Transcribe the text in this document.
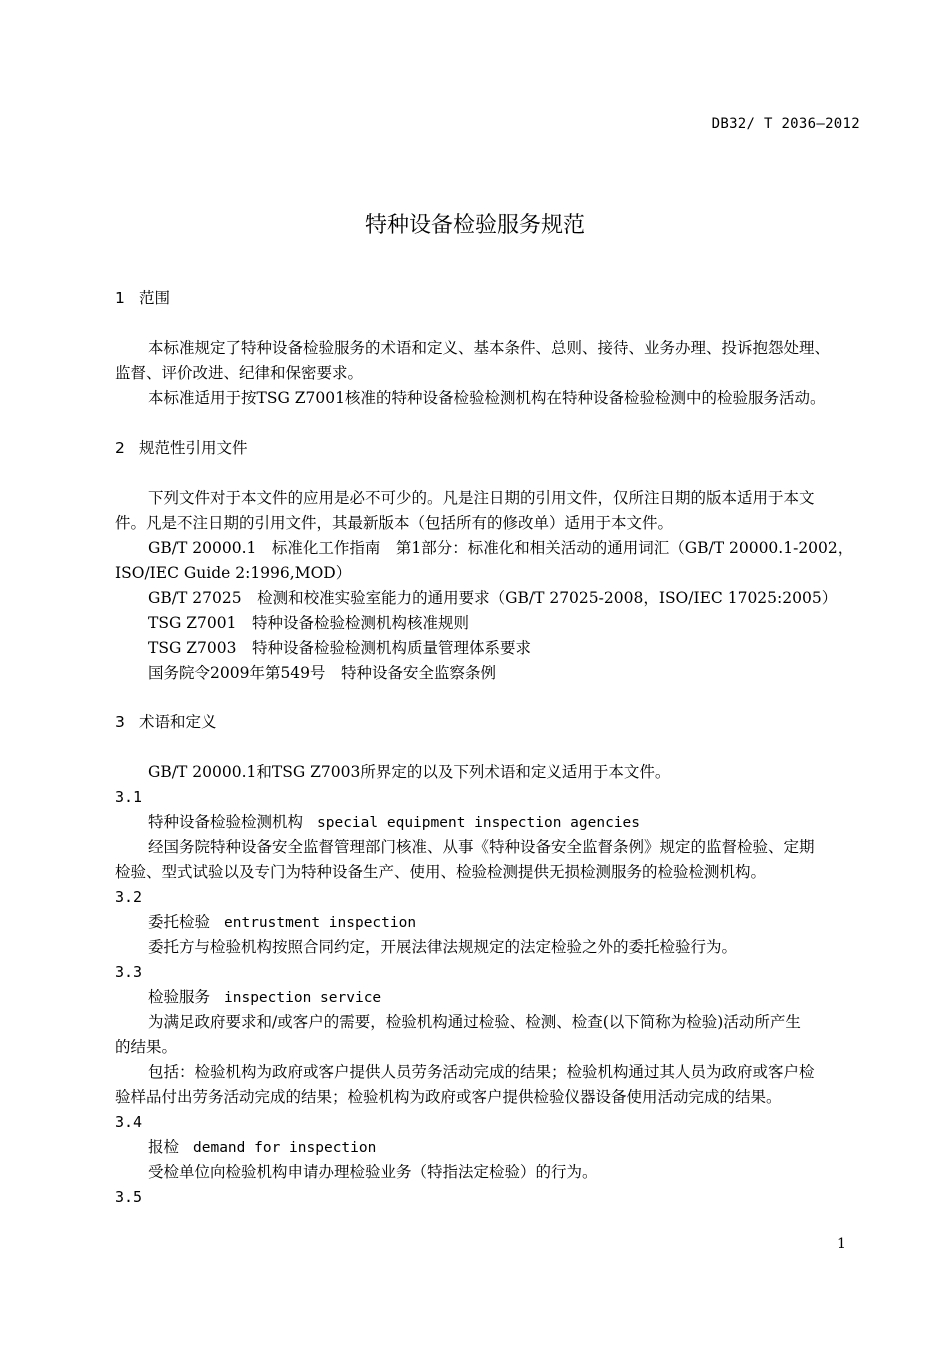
DB32/ T 2036—2012
特种设备检验服务规范
1 范围
本标准规定了特种设备检验服务的术语和定义、基本条件、总则、接待、业务办理、投诉抱怨处理、
监督、评价改进、纪律和保密要求。
本标准适用于按TSG Z7001核准的特种设备检验检测机构在特种设备检验检测中的检验服务活动。
2 规范性引用文件
下列文件对于本文件的应用是必不可少的。凡是注日期的引用文件，仅所注日期的版本适用于本文
件。凡是不注日期的引用文件，其最新版本（包括所有的修改单）适用于本文件。
GB/T 20000.1　标准化工作指南　第1部分：标准化和相关活动的通用词汇（GB/T 20000.1-2002，
ISO/IEC Guide 2:1996,MOD）
GB/T 27025　检测和校准实验室能力的通用要求（GB/T 27025-2008，ISO/IEC 17025:2005）
TSG Z7001　特种设备检验检测机构核准规则
TSG Z7003　特种设备检验检测机构质量管理体系要求
国务院令2009年第549号　特种设备安全监察条例
3 术语和定义
GB/T 20000.1和TSG Z7003所界定的以及下列术语和定义适用于本文件。
3.1
特种设备检验检测机构 special equipment inspection agencies
经国务院特种设备安全监督管理部门核准、从事《特种设备安全监督条例》规定的监督检验、定期
检验、型式试验以及专门为特种设备生产、使用、检验检测提供无损检测服务的检验检测机构。
3.2
委托检验 entrustment inspection
委托方与检验机构按照合同约定，开展法律法规规定的法定检验之外的委托检验行为。
3.3
检验服务 inspection service
为满足政府要求和/或客户的需要，检验机构通过检验、检测、检查(以下简称为检验)活动所产生
的结果。
包括：检验机构为政府或客户提供人员劳务活动完成的结果；检验机构通过其人员为政府或客户检
验样品付出劳务活动完成的结果；检验机构为政府或客户提供检验仪器设备使用活动完成的结果。
3.4
报检 demand for inspection
受检单位向检验机构申请办理检验业务（特指法定检验）的行为。
3.5
1
